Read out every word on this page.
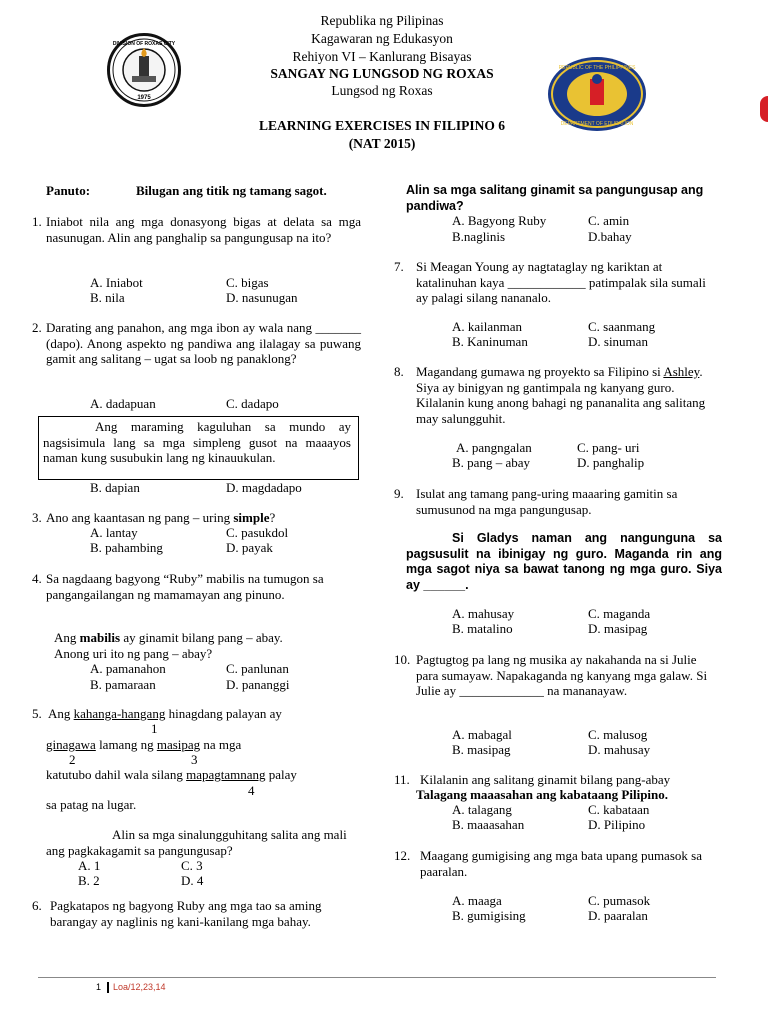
1975
DIVISION OF ROXAS CITY
REPUBLIC OF THE PHILIPPINES
DEPARTMENT OF EDUCATION
Republika ng Pilipinas
Kagawaran ng Edukasyon
Rehiyon VI – Kanlurang Bisayas
SANGAY NG LUNGSOD NG ROXAS
Lungsod ng Roxas
LEARNING EXERCISES IN FILIPINO 6
(NAT 2015)
Panuto:	Bilugan ang titik ng tamang sagot.
1. Iniabot nila ang mga donasyong bigas at delata sa mga nasunugan. Alin ang panghalip sa pangungusap na ito?
A. Iniabot	C. bigas
B. nila	D. nasunugan
2. Darating ang panahon, ang mga ibon ay wala nang _______ (dapo). Anong aspekto ng pandiwa ang ilalagay sa puwang gamit ang salitang – ugat sa loob ng panaklong?
A. dadapuan	C. dadapo
Ang maraming kaguluhan sa mundo ay nagsisimula lang sa mga simpleng gusot na maaayos naman kung susubukin lang ng kinauukulan.
B. dapian	D. magdadapo
3. Ano ang kaantasan ng pang – uring simple?
A. lantay	C. pasukdol
B. pahambing	D. payak
4. Sa nagdaang bagyong “Ruby” mabilis na tumugon sa pangangailangan ng mamamayan ang pinuno.
Ang mabilis ay ginamit bilang pang – abay.
Anong uri ito ng pang – abay?
A. pamanahon	C. panlunan
B. pamaraan	D. pananggi
5. Ang kahanga-hangang hinagdang palayan ay
1
ginagawa lamang ng masipag na mga
2	3
katutubo dahil wala silang mapagtamnang palay
4
sa patag na lugar.
Alin sa mga sinalungguhitang salita ang mali ang pagkakagamit sa pangungusap?
A. 1	C. 3
B. 2	D. 4
6. Pagkatapos ng bagyong Ruby ang mga tao sa aming barangay ay naglinis ng kani-kanilang mga bahay.
Alin sa mga salitang ginamit sa pangungusap ang pandiwa?
A. Bagyong Ruby	C. amin
B.naglinis	D.bahay
7. Si Meagan Young ay nagtataglay ng kariktan at katalinuhan kaya ____________ patimpalak sila sumali ay palagi silang nananalo.
A. kailanman	C. saanmang
B. Kaninuman	D. sinuman
8. Magandang gumawa ng proyekto sa Filipino si Ashley. Siya ay binigyan ng gantimpala ng kanyang guro. Kilalanin kung anong bahagi ng pananalita ang salitang may salungguhit.
A. pangngalan	C. pang- uri
B. pang – abay	D. panghalip
9. Isulat ang tamang pang-uring maaaring gamitin sa sumusunod na mga pangungusap.
Si Gladys naman ang nangunguna sa pagsusulit na ibinigay ng guro. Maganda rin ang mga sagot niya sa bawat tanong ng mga guro. Siya ay ______.
A. mahusay	C. maganda
B. matalino	D. masipag
10. Pagtugtog pa lang ng musika ay nakahanda na si Julie para sumayaw. Napakaganda ng kanyang mga galaw. Si Julie ay _____________ na mananayaw.
A. mabagal	C. malusog
B. masipag	D. mahusay
11. Kilalanin ang salitang ginamit bilang pang-abay
Talagang maaasahan ang kabataang Pilipino.
A. talagang	C. kabataan
B. maaasahan	D. Pilipino
12. Maagang gumigising ang mga bata upang pumasok sa paaralan.
A. maaga	C. pumasok
B. gumigising	D. paaralan
1 Loa/12,23,14
